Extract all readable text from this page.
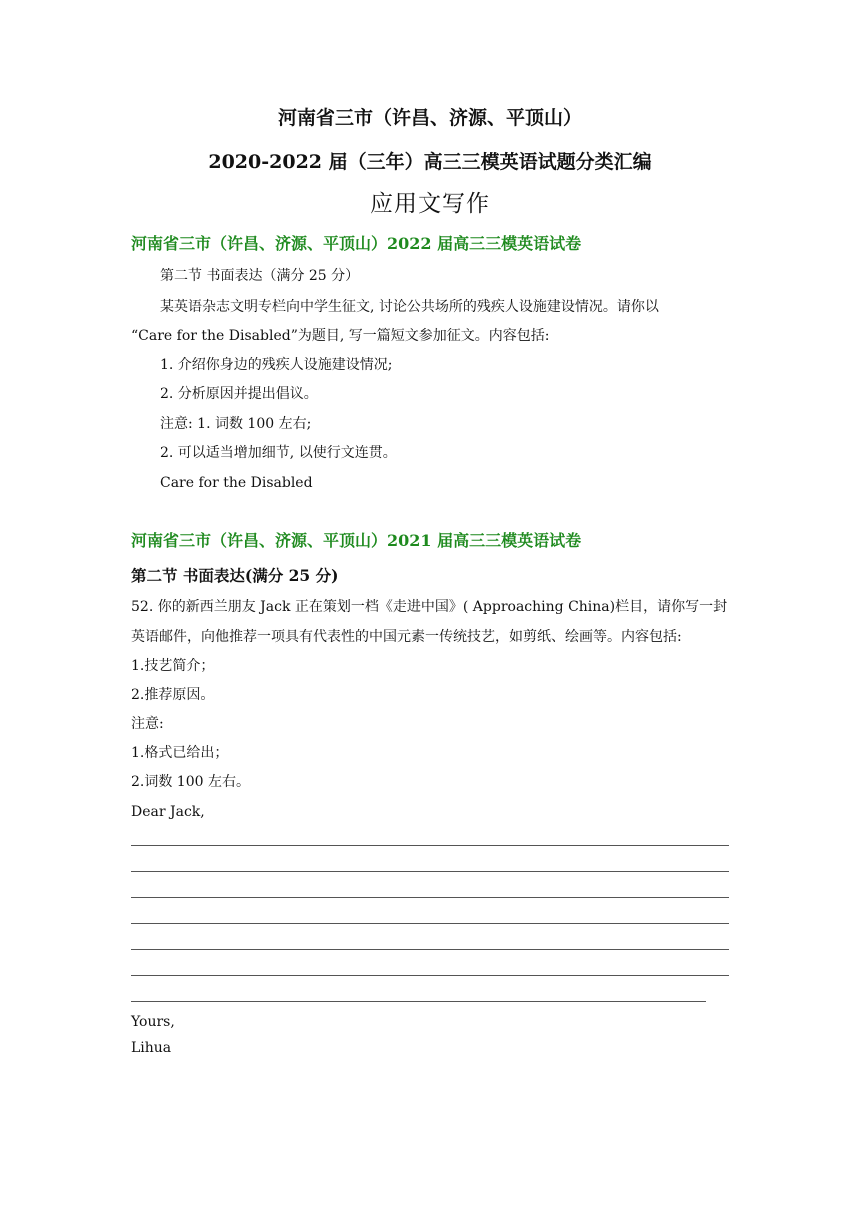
河南省三市（许昌、济源、平顶山）
2020-2022 届（三年）高三三模英语试题分类汇编
应用文写作
河南省三市（许昌、济源、平顶山）2022 届高三三模英语试卷
第二节 书面表达（满分 25 分）
某英语杂志文明专栏向中学生征文, 讨论公共场所的残疾人设施建设情况。请你以
“Care for the Disabled”为题目, 写一篇短文参加征文。内容包括:
1. 介绍你身边的残疾人设施建设情况;
2. 分析原因并提出倡议。
注意: 1. 词数 100 左右;
2. 可以适当增加细节, 以使行文连贯。
Care for the Disabled
河南省三市（许昌、济源、平顶山）2021 届高三三模英语试卷
第二节 书面表达(满分 25 分)
52. 你的新西兰朋友 Jack 正在策划一档《走进中国》( Approaching China)栏目，请你写一封
英语邮件，向他推荐一项具有代表性的中国元素一传统技艺，如剪纸、绘画等。内容包括:
1.技艺简介；
2.推荐原因。
注意:
1.格式已给出；
2.词数 100 左右。
Dear Jack,
Yours,
Lihua
